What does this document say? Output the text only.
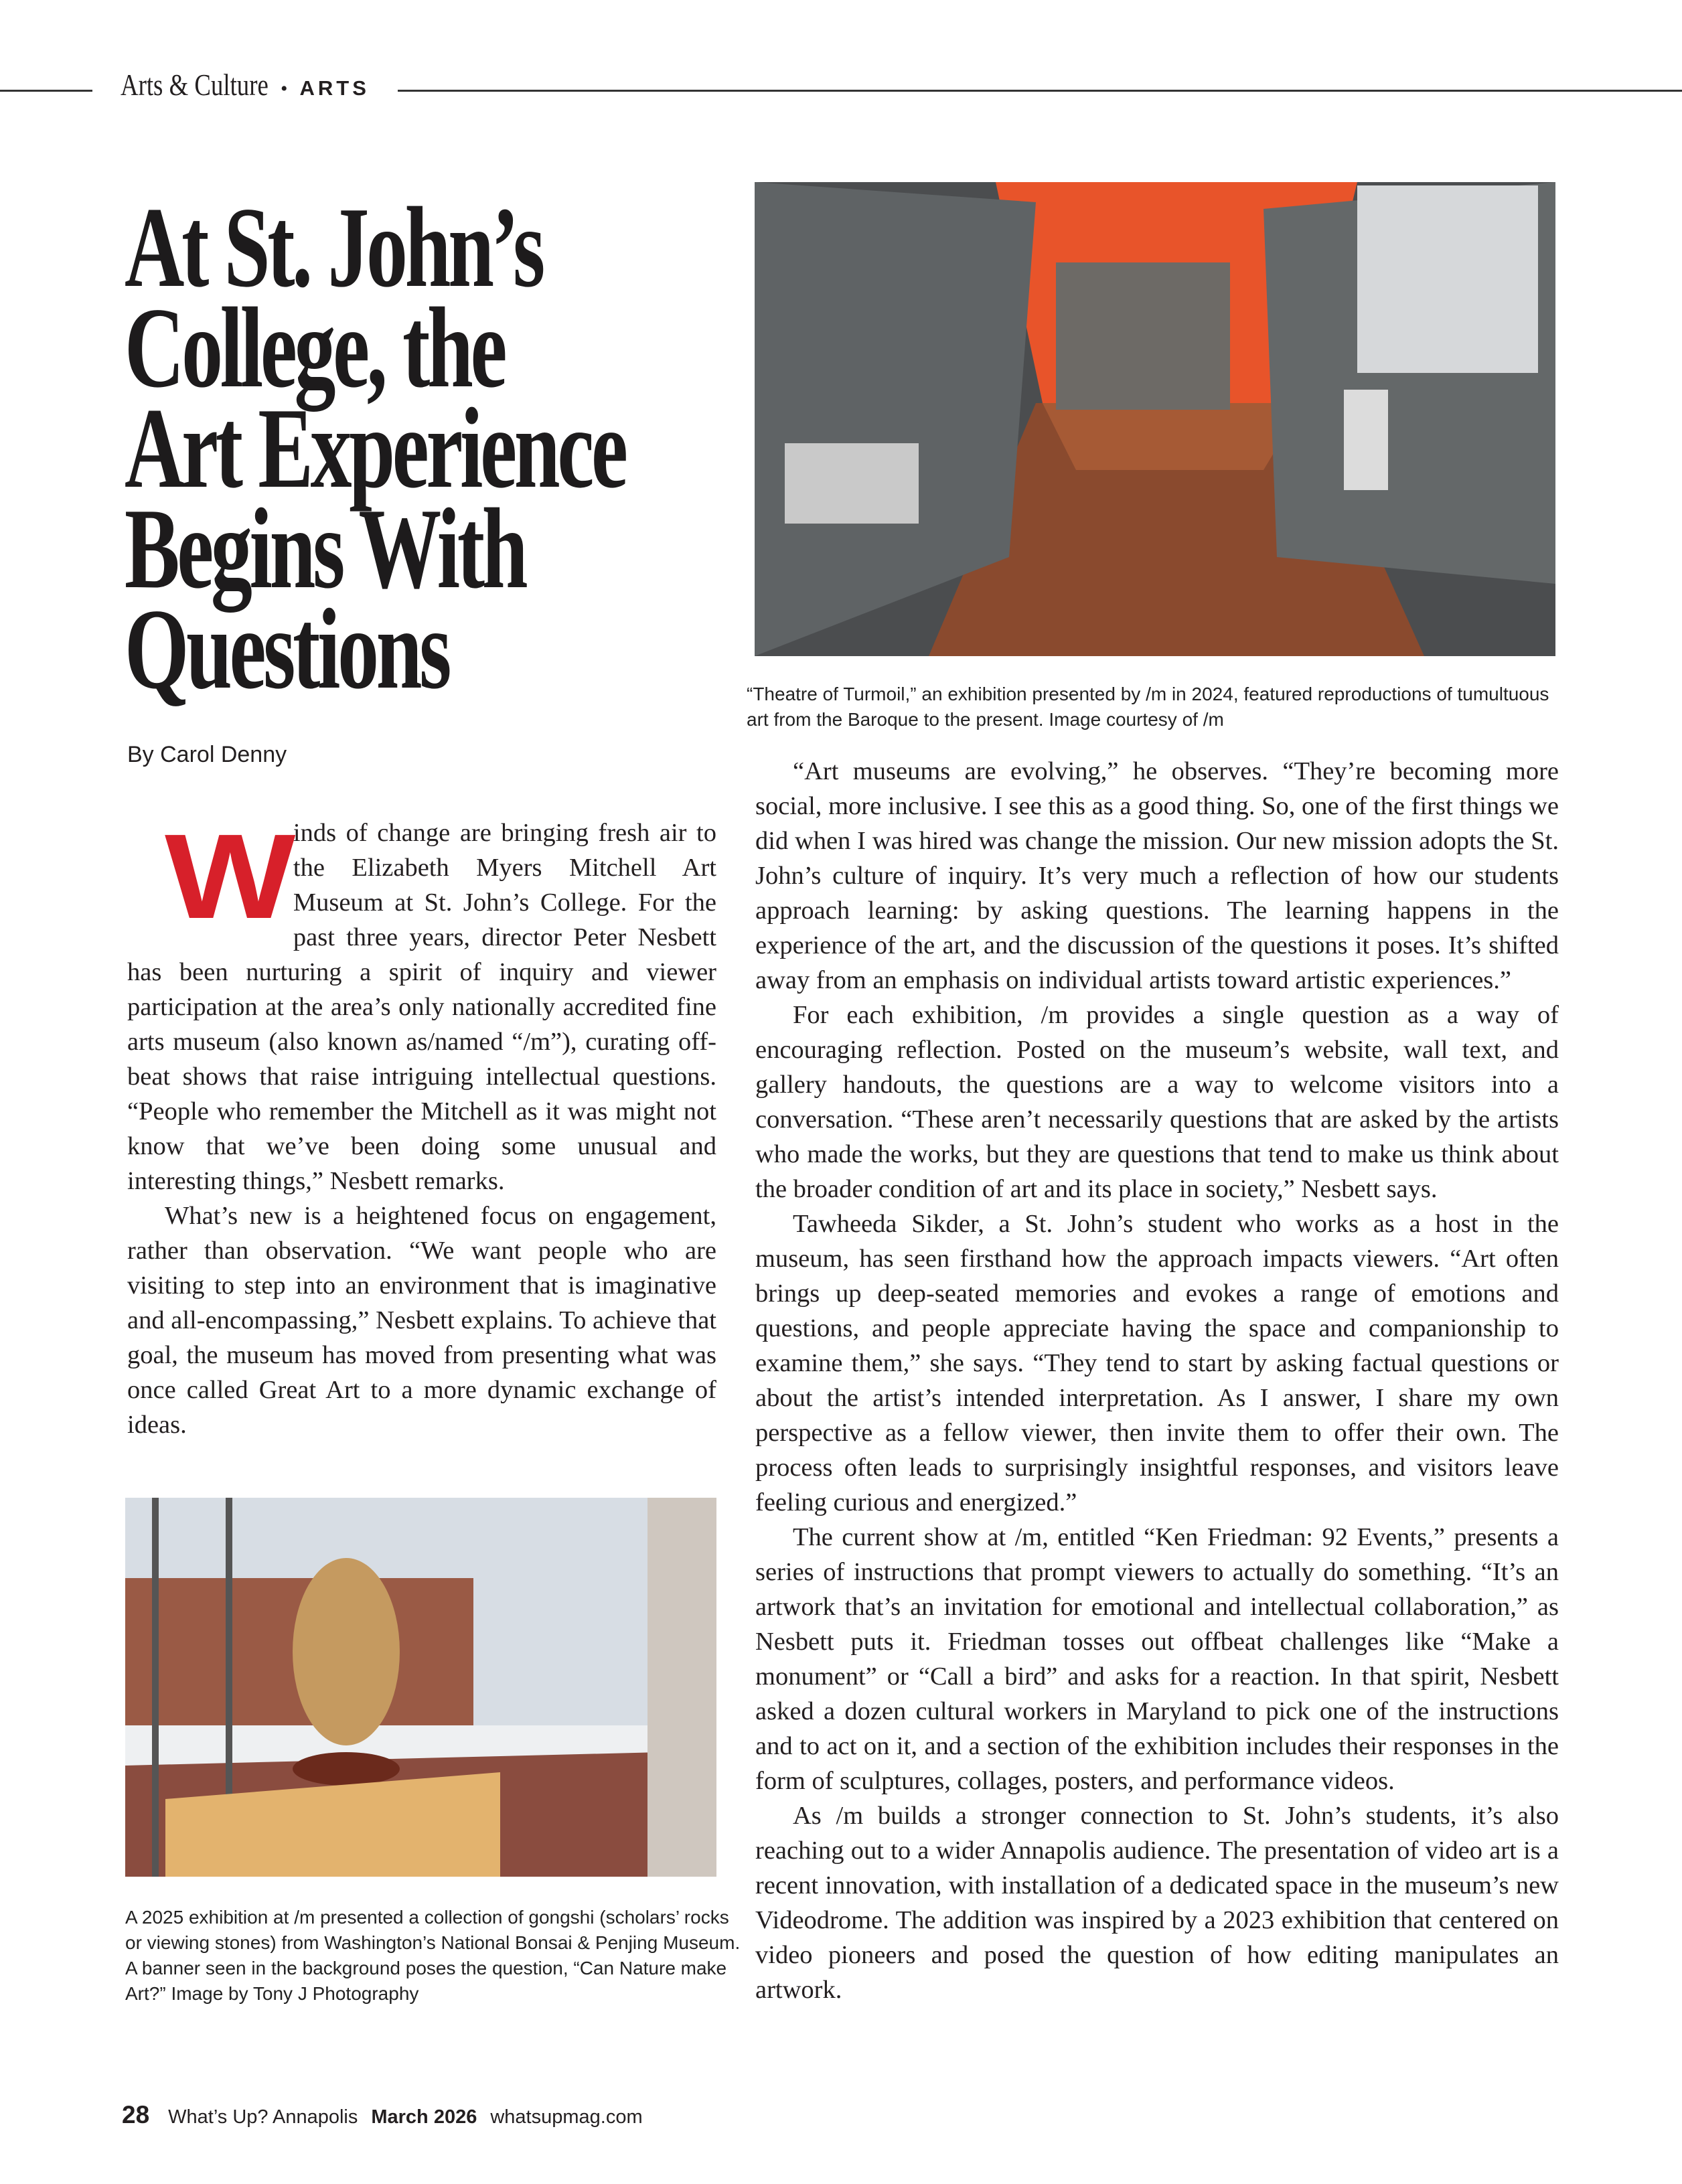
Arts & Culture • ARTS
At St. John’s
College, the
Art Experience
Begins With
Questions
By Carol Denny
“Theatre of Turmoil,” an exhibition presented by /m in 2024, featured reproductions of tumultuous art from the Baroque to the present. Image courtesy of /m
W inds of change are bringing fresh air to the Elizabeth Myers Mitchell Art Museum at St. John’s College. For the past three years, director Peter Nesbett has been nurturing a spirit of inquiry and viewer participation at the area’s only nationally accredited fine arts museum (also known as/named “/m”), curating off-beat shows that raise intriguing intellectual questions. “People who remember the Mitchell as it was might not know that we’ve been doing some unusual and interesting things,” Nesbett remarks.

What’s new is a heightened focus on engagement, rather than observation. “We want people who are visiting to step into an environment that is imaginative and all-encompassing,” Nesbett explains. To achieve that goal, the museum has moved from presenting what was once called Great Art to a more dynamic exchange of ideas.

A 2025 exhibition at /m presented a collection of gongshi (scholars’ rocks or viewing stones) from Washington’s National Bonsai & Penjing Museum. A banner seen in the background poses the question, “Can Nature make Art?” Image by Tony J Photography

“Art museums are evolving,” he observes. “They’re becoming more social, more inclusive. I see this as a good thing. So, one of the first things we did when I was hired was change the mission. Our new mission adopts the St. John’s culture of inquiry. It’s very much a reflection of how our students approach learning: by asking questions. The learning happens in the experience of the art, and the discussion of the questions it poses. It’s shifted away from an emphasis on individual artists toward artistic experiences.”

For each exhibition, /m provides a single question as a way of encouraging reflection. Posted on the museum’s website, wall text, and gallery handouts, the questions are a way to welcome visitors into a conversation. “These aren’t necessarily questions that are asked by the artists who made the works, but they are questions that tend to make us think about the broader condition of art and its place in society,” Nesbett says.

Tawheeda Sikder, a St. John’s student who works as a host in the museum, has seen firsthand how the approach impacts viewers. “Art often brings up deep-seated memories and evokes a range of emotions and questions, and people appreciate having the space and companionship to examine them,” she says. “They tend to start by asking factual questions or about the artist’s intended interpretation. As I answer, I share my own perspective as a fellow viewer, then invite them to offer their own. The process often leads to surprisingly insightful responses, and visitors leave feeling curious and energized.”

The current show at /m, entitled “Ken Friedman: 92 Events,” presents a series of instructions that prompt viewers to actually do something. “It’s an artwork that’s an invitation for emotional and intellectual collaboration,” as Nesbett puts it. Friedman tosses out offbeat challenges like “Make a monument” or “Call a bird” and asks for a reaction. In that spirit, Nesbett asked a dozen cultural workers in Maryland to pick one of the instructions and to act on it, and a section of the exhibition includes their responses in the form of sculptures, collages, posters, and performance videos.

As /m builds a stronger connection to St. John’s students, it’s also reaching out to a wider Annapolis audience. The presentation of video art is a recent innovation, with installation of a dedicated space in the museum’s new Videodrome. The addition was inspired by a 2023 exhibition that centered on video pioneers and posed the question of how editing manipulates an artwork.

28 What’s Up? Annapolis March 2026 whatsupmag.com
